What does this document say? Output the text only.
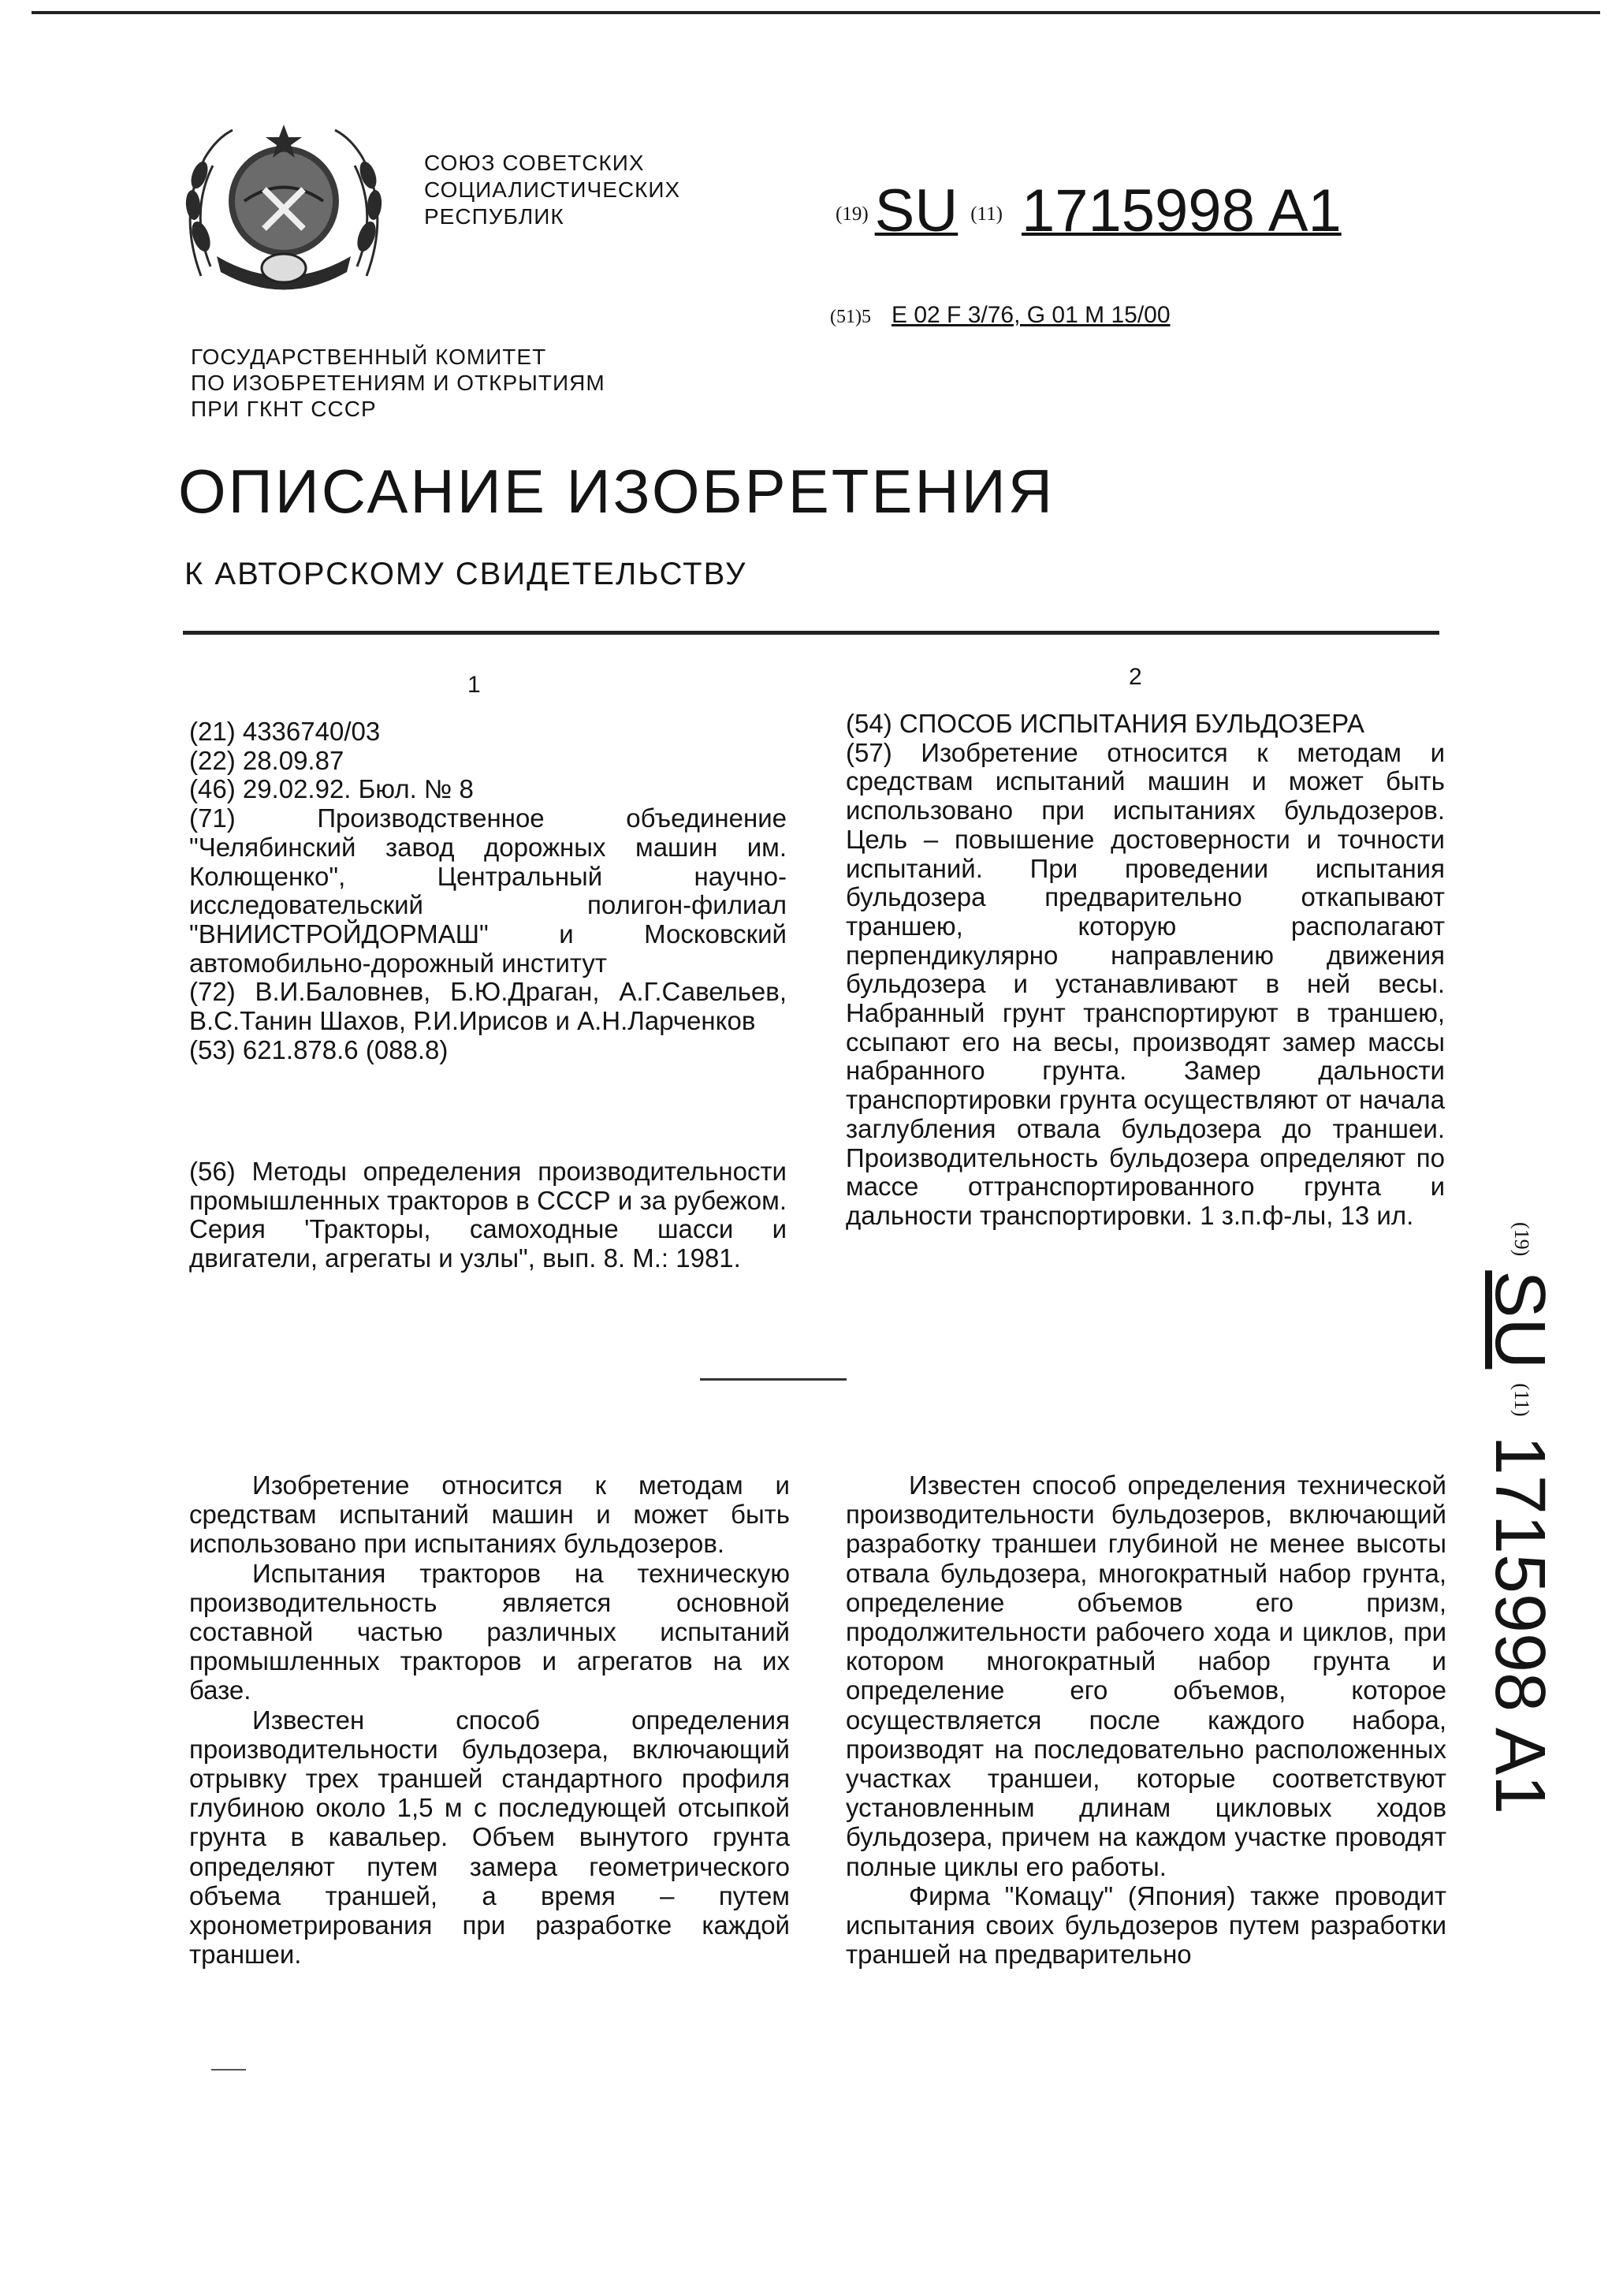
СОЮЗ СОВЕТСКИХ
СОЦИАЛИСТИЧЕСКИХ
РЕСПУБЛИК	(19) SU (11) 1715998 A1
(51)5 E 02 F 3/76, G 01 M 15/00
ГОСУДАРСТВЕННЫЙ КОМИТЕТ
ПО ИЗОБРЕТЕНИЯМ И ОТКРЫТИЯМ
ПРИ ГКНТ СССР
ОПИСАНИЕ ИЗОБРЕТЕНИЯ
К АВТОРСКОМУ СВИДЕТЕЛЬСТВУ
1	2

(21) 4336740/03

(22) 28.09.87

(46) 29.02.92. Бюл. № 8

(71) Производственное объединение "Челябинский завод дорожных машин им. Колющенко", Центральный научно-исследовательский полигон-филиал "ВНИИСТРОЙДОРМАШ" и Московский автомобильно-дорожный институт

(72) В.И.Баловнев, Б.Ю.Драган, А.Г.Савельев, В.С.Танин Шахов, Р.И.Ирисов и А.Н.Ларченков

(53) 621.878.6 (088.8)

(56) Методы определения производительности промышленных тракторов в СССР и за рубежом. Серия 'Тракторы, самоходные шасси и двигатели, агрегаты и узлы", вып. 8. М.: 1981.

(54) СПОСОБ ИСПЫТАНИЯ БУЛЬДОЗЕРА

(57) Изобретение относится к методам и средствам испытаний машин и может быть использовано при испытаниях бульдозеров. Цель – повышение достоверности и точности испытаний. При проведении испытания бульдозера предварительно откапывают траншею, которую располагают перпендикулярно направлению движения бульдозера и устанавливают в ней весы. Набранный грунт транспортируют в траншею, ссыпают его на весы, производят замер массы набранного грунта. Замер дальности транспортировки грунта осуществляют от начала заглубления отвала бульдозера до траншеи. Производительность бульдозера определяют по массе оттранспортированного грунта и дальности транспортировки. 1 з.п.ф-лы, 13 ил.

Изобретение относится к методам и средствам испытаний машин и может быть использовано при испытаниях бульдозеров.

Испытания тракторов на техническую производительность является основной составной частью различных испытаний промышленных тракторов и агрегатов на их базе.

Известен способ определения производительности бульдозера, включающий отрывку трех траншей стандартного профиля глубиною около 1,5 м с последующей отсыпкой грунта в кавальер. Объем вынутого грунта определяют путем замера геометрического объема траншей, а время – путем хронометрирования при разработке каждой траншеи.

Известен способ определения технической производительности бульдозеров, включающий разработку траншеи глубиной не менее высоты отвала бульдозера, многократный набор грунта, определение объемов его призм, продолжительности рабочего хода и циклов, при котором многократный набор грунта и определение его объемов, которое осуществляется после каждого набора, производят на последовательно расположенных участках траншеи, которые соответствуют установленным длинам цикловых ходов бульдозера, причем на каждом участке проводят полные циклы его работы.

Фирма "Комацу" (Япония) также проводит испытания своих бульдозеров путем разработки траншей на предварительно

$^{(19)}$SU$^{(11)}$1715998 A1
